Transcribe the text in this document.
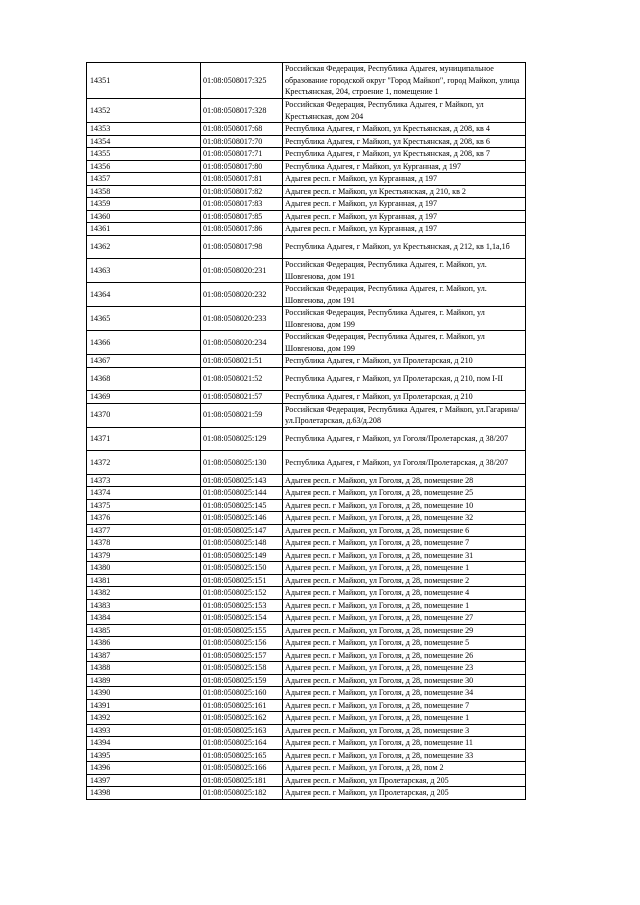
14351	01:08:0508017:325	Российская Федерация, Республика Адыгея, муниципальное образование городской округ "Город Майкоп", город Майкоп, улица Крестьянская, 204, строение 1, помещение 1
14352	01:08:0508017:328	Российская Федерация, Республика Адыгея, г Майкоп, ул Крестьянская, дом 204
14353	01:08:0508017:68	Республика Адыгея, г Майкоп, ул Крестьянская, д 208, кв 4
14354	01:08:0508017:70	Республика Адыгея, г Майкоп, ул Крестьянская, д 208, кв 6
14355	01:08:0508017:71	Республика Адыгея, г Майкоп, ул Крестьянская, д 208, кв 7
14356	01:08:0508017:80	Республика Адыгея, г Майкоп, ул Курганная, д 197
14357	01:08:0508017:81	Адыгея респ. г Майкоп, ул Курганная, д 197
14358	01:08:0508017:82	Адыгея респ. г Майкоп, ул Крестьянская, д 210, кв 2
14359	01:08:0508017:83	Адыгея респ. г Майкоп, ул Курганная, д 197
14360	01:08:0508017:85	Адыгея респ. г Майкоп, ул Курганная, д 197
14361	01:08:0508017:86	Адыгея респ. г Майкоп, ул Курганная, д 197
14362	01:08:0508017:98	Республика Адыгея, г Майкоп, ул Крестьянская, д 212, кв 1,1а,1б
14363	01:08:0508020:231	Российская Федерация, Республика Адыгея, г. Майкоп, ул. Шовгенова, дом 191
14364	01:08:0508020:232	Российская Федерация, Республика Адыгея, г. Майкоп, ул. Шовгенова, дом 191
14365	01:08:0508020:233	Российская Федерация, Республика Адыгея, г. Майкоп, ул Шовгенова, дом 199
14366	01:08:0508020:234	Российская Федерация, Республика Адыгея, г. Майкоп, ул Шовгенова, дом 199
14367	01:08:0508021:51	Республика Адыгея, г Майкоп, ул Пролетарская, д 210
14368	01:08:0508021:52	Республика Адыгея, г Майкоп, ул Пролетарская, д 210, пом I-II
14369	01:08:0508021:57	Республика Адыгея, г Майкоп, ул Пролетарская, д 210
14370	01:08:0508021:59	Российская Федерация, Республика Адыгея, г Майкоп, ул.Гагарина/ул.Пролетарская, д.63/д.208
14371	01:08:0508025:129	Республика Адыгея, г Майкоп, ул Гоголя/Пролетарская, д 38/207
14372	01:08:0508025:130	Республика Адыгея, г Майкоп, ул Гоголя/Пролетарская, д 38/207
14373	01:08:0508025:143	Адыгея респ. г Майкоп, ул Гоголя, д 28, помещение 28
14374	01:08:0508025:144	Адыгея респ. г Майкоп, ул Гоголя, д 28, помещение 25
14375	01:08:0508025:145	Адыгея респ. г Майкоп, ул Гоголя, д 28, помещение 10
14376	01:08:0508025:146	Адыгея респ. г Майкоп, ул Гоголя, д 28, помещение 32
14377	01:08:0508025:147	Адыгея респ. г Майкоп, ул Гоголя, д 28, помещение 6
14378	01:08:0508025:148	Адыгея респ. г Майкоп, ул Гоголя, д 28, помещение 7
14379	01:08:0508025:149	Адыгея респ. г Майкоп, ул Гоголя, д 28, помещение 31
14380	01:08:0508025:150	Адыгея респ. г Майкоп, ул Гоголя, д 28, помещение 1
14381	01:08:0508025:151	Адыгея респ. г Майкоп, ул Гоголя, д 28, помещение 2
14382	01:08:0508025:152	Адыгея респ. г Майкоп, ул Гоголя, д 28, помещение 4
14383	01:08:0508025:153	Адыгея респ. г Майкоп, ул Гоголя, д 28, помещение 1
14384	01:08:0508025:154	Адыгея респ. г Майкоп, ул Гоголя, д 28, помещение 27
14385	01:08:0508025:155	Адыгея респ. г Майкоп, ул Гоголя, д 28, помещение 29
14386	01:08:0508025:156	Адыгея респ. г Майкоп, ул Гоголя, д 28, помещение 5
14387	01:08:0508025:157	Адыгея респ. г Майкоп, ул Гоголя, д 28, помещение 26
14388	01:08:0508025:158	Адыгея респ. г Майкоп, ул Гоголя, д 28, помещение 23
14389	01:08:0508025:159	Адыгея респ. г Майкоп, ул Гоголя, д 28, помещение 30
14390	01:08:0508025:160	Адыгея респ. г Майкоп, ул Гоголя, д 28, помещение 34
14391	01:08:0508025:161	Адыгея респ. г Майкоп, ул Гоголя, д 28, помещение 7
14392	01:08:0508025:162	Адыгея респ. г Майкоп, ул Гоголя, д 28, помещение 1
14393	01:08:0508025:163	Адыгея респ. г Майкоп, ул Гоголя, д 28, помещение 3
14394	01:08:0508025:164	Адыгея респ. г Майкоп, ул Гоголя, д 28, помещение 11
14395	01:08:0508025:165	Адыгея респ. г Майкоп, ул Гоголя, д 28, помещение 33
14396	01:08:0508025:166	Адыгея респ. г Майкоп, ул Гоголя, д 28, пом 2
14397	01:08:0508025:181	Адыгея респ. г Майкоп, ул Пролетарская, д 205
14398	01:08:0508025:182	Адыгея респ. г Майкоп, ул Пролетарская, д 205
